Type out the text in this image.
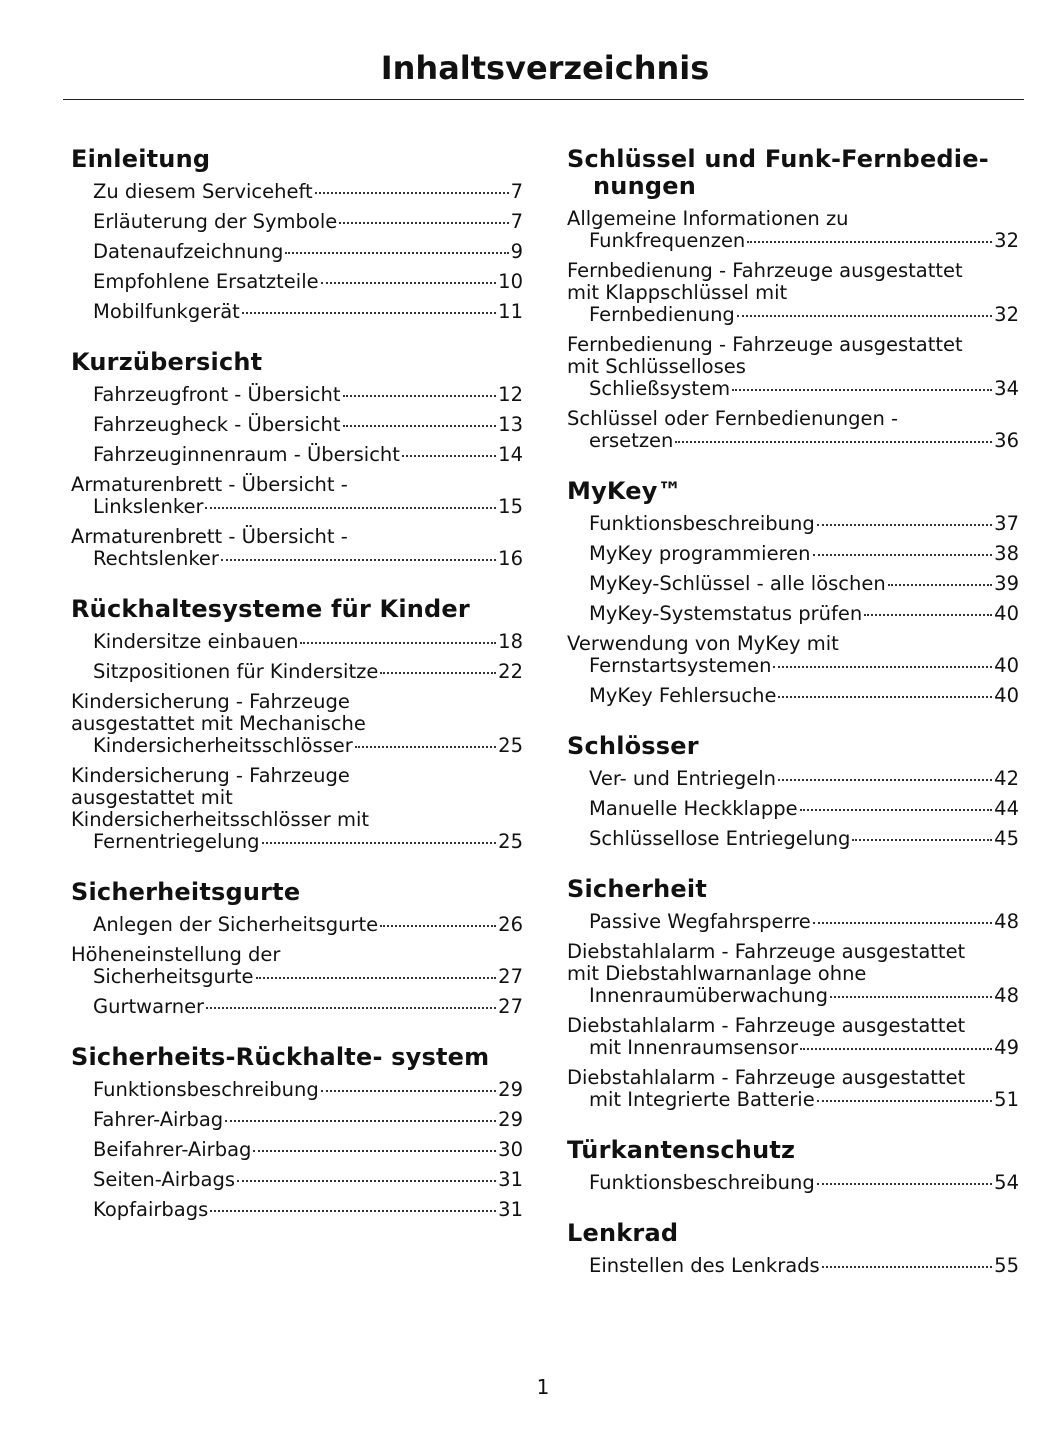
Inhaltsverzeichnis
Einleitung
Zu diesem Serviceheft	7
Erläuterung der Symbole	7
Datenaufzeichnung	9
Empfohlene Ersatzteile	10
Mobilfunkgerät	11
Kurzübersicht
Fahrzeugfront - Übersicht	12
Fahrzeugheck - Übersicht	13
Fahrzeuginnenraum - Übersicht	14
Armaturenbrett - Übersicht -
Linkslenker	15
Armaturenbrett - Übersicht -
Rechtslenker	16
Rückhaltesysteme für Kinder
Kindersitze einbauen	18
Sitzpositionen für Kindersitze	22
Kindersicherung - Fahrzeuge
ausgestattet mit Mechanische
Kindersicherheitsschlösser	25
Kindersicherung - Fahrzeuge
ausgestattet mit
Kindersicherheitsschlösser mit
Fernentriegelung	25
Sicherheitsgurte
Anlegen der Sicherheitsgurte	26
Höheneinstellung der
Sicherheitsgurte	27
Gurtwarner	27
Sicherheits-Rückhalte- system
Funktionsbeschreibung	29
Fahrer-Airbag	29
Beifahrer-Airbag	30
Seiten-Airbags	31
Kopfairbags	31
Schlüssel und Funk-Fernbedie- nungen
Allgemeine Informationen zu
Funkfrequenzen	32
Fernbedienung - Fahrzeuge ausgestattet
mit Klappschlüssel mit
Fernbedienung	32
Fernbedienung - Fahrzeuge ausgestattet
mit Schlüsselloses
Schließsystem	34
Schlüssel oder Fernbedienungen -
ersetzen	36
MyKey™
Funktionsbeschreibung	37
MyKey programmieren	38
MyKey-Schlüssel - alle löschen	39
MyKey-Systemstatus prüfen	40
Verwendung von MyKey mit
Fernstartsystemen	40
MyKey Fehlersuche	40
Schlösser
Ver- und Entriegeln	42
Manuelle Heckklappe	44
Schlüssellose Entriegelung	45
Sicherheit
Passive Wegfahrsperre	48
Diebstahlalarm - Fahrzeuge ausgestattet
mit Diebstahlwarnanlage ohne
Innenraumüberwachung	48
Diebstahlalarm - Fahrzeuge ausgestattet
mit Innenraumsensor	49
Diebstahlalarm - Fahrzeuge ausgestattet
mit Integrierte Batterie	51
Türkantenschutz
Funktionsbeschreibung	54
Lenkrad
Einstellen des Lenkrads	55
1
